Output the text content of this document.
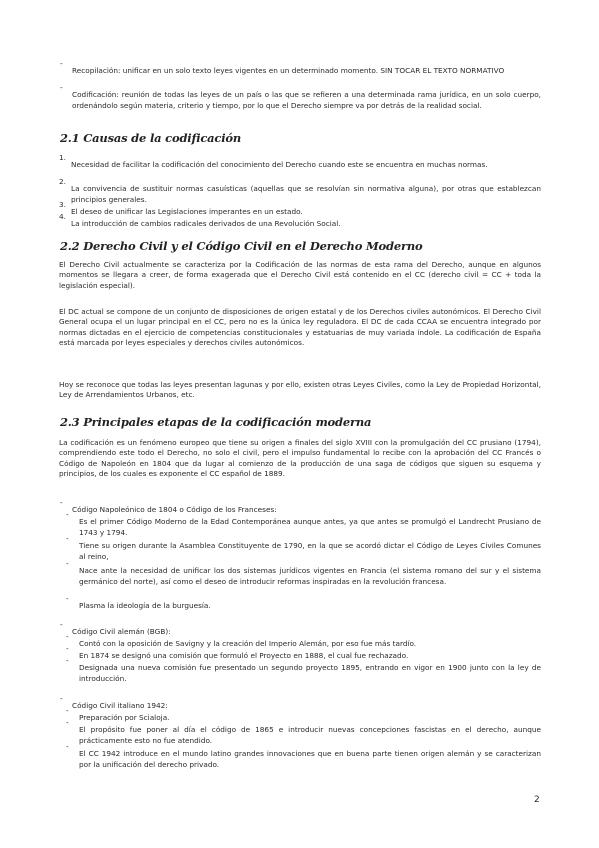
-

Recopilación: unificar en un solo texto leyes vigentes en un determinado momento. SIN TOCAR EL TEXTO NORMATIVO

-

Codificación: reunión de todas las leyes de un país o las que se refieren a una determinada rama jurídica, en un solo cuerpo, ordenándolo según materia, criterio y tiempo, por lo que el Derecho siempre va por detrás de la realidad social.

2.1 Causas de la codificación
1.

Necesidad de facilitar la codificación del conocimiento del Derecho cuando este se encuentra en muchas normas.

2.

La convivencia de sustituir normas casuísticas (aquellas que se resolvían sin normativa alguna), por otras que establezcan principios generales.

3.

El deseo de unificar las Legislaciones imperantes en un estado.

4.

La introducción de cambios radicales derivados de una Revolución Social.

2.2 Derecho Civil y el Código Civil en el Derecho Moderno

El Derecho Civil actualmente se caracteriza por la Codificación de las normas de esta rama del Derecho, aunque en algunos momentos se llegara a creer, de forma exagerada que el Derecho Civil está contenido en el CC (derecho civil = CC + toda la legislación especial).

El DC actual se compone de un conjunto de disposiciones de origen estatal y de los Derechos civiles autonómicos. El Derecho Civil General ocupa el un lugar principal en el CC, pero no es la única ley reguladora. El DC de cada CCAA se encuentra integrado por normas dictadas en el ejercicio de competencias constitucionales y estatuarias de muy variada índole. La codificación de España está marcada por leyes especiales y derechos civiles autonómicos.

Hoy se reconoce que todas las leyes presentan lagunas y por ello, existen otras Leyes Civiles, como la Ley de Propiedad Horizontal, Ley de Arrendamientos Urbanos, etc.

2.3 Principales etapas de la codificación moderna

La codificación es un fenómeno europeo que tiene su origen a finales del siglo XVIII con la promulgación del CC prusiano (1794), comprendiendo este todo el Derecho, no solo el civil, pero el impulso fundamental lo recibe con la aprobación del CC Francés o Código de Napoleón en 1804 que da lugar al comienzo de la producción de una saga de códigos que siguen su esquema y principios, de los cuales es exponente el CC español de 1889.

-

Código Napoleónico de 1804 o Código de los Franceses:

-

Es el primer Código Moderno de la Edad Contemporánea aunque antes, ya que antes se promulgó el Landrecht Prusiano de 1743 y 1794.

-

Tiene su origen durante la Asamblea Constituyente de 1790, en la que se acordó dictar el Código de Leyes Civiles Comunes al reino,

-

Nace ante la necesidad de unificar los dos sistemas jurídicos vigentes en Francia (el sistema romano del sur y el sistema germánico del norte), así como el deseo de introducir reformas inspiradas en la revolución francesa.

-

Plasma la ideología de la burguesía.

-

Código Civil alemán (BGB):

-

Contó con la oposición de Savigny y la creación del Imperio Alemán, por eso fue más tardío.

-

En 1874 se designó una comisión que formuló el Proyecto en 1888, el cual fue rechazado.

-

Designada una nueva comisión fue presentado un segundo proyecto 1895, entrando en vigor en 1900 junto con la ley de introducción.

-

Código Civil italiano 1942:

-

Preparación por Scialoja.

-

El propósito fue poner al día el código de 1865 e introducir nuevas concepciones fascistas en el derecho, aunque prácticamente esto no fue atendido.

-

El CC 1942 introduce en el mundo latino grandes innovaciones que en buena parte tienen origen alemán y se caracterizan por la unificación del derecho privado.

2
